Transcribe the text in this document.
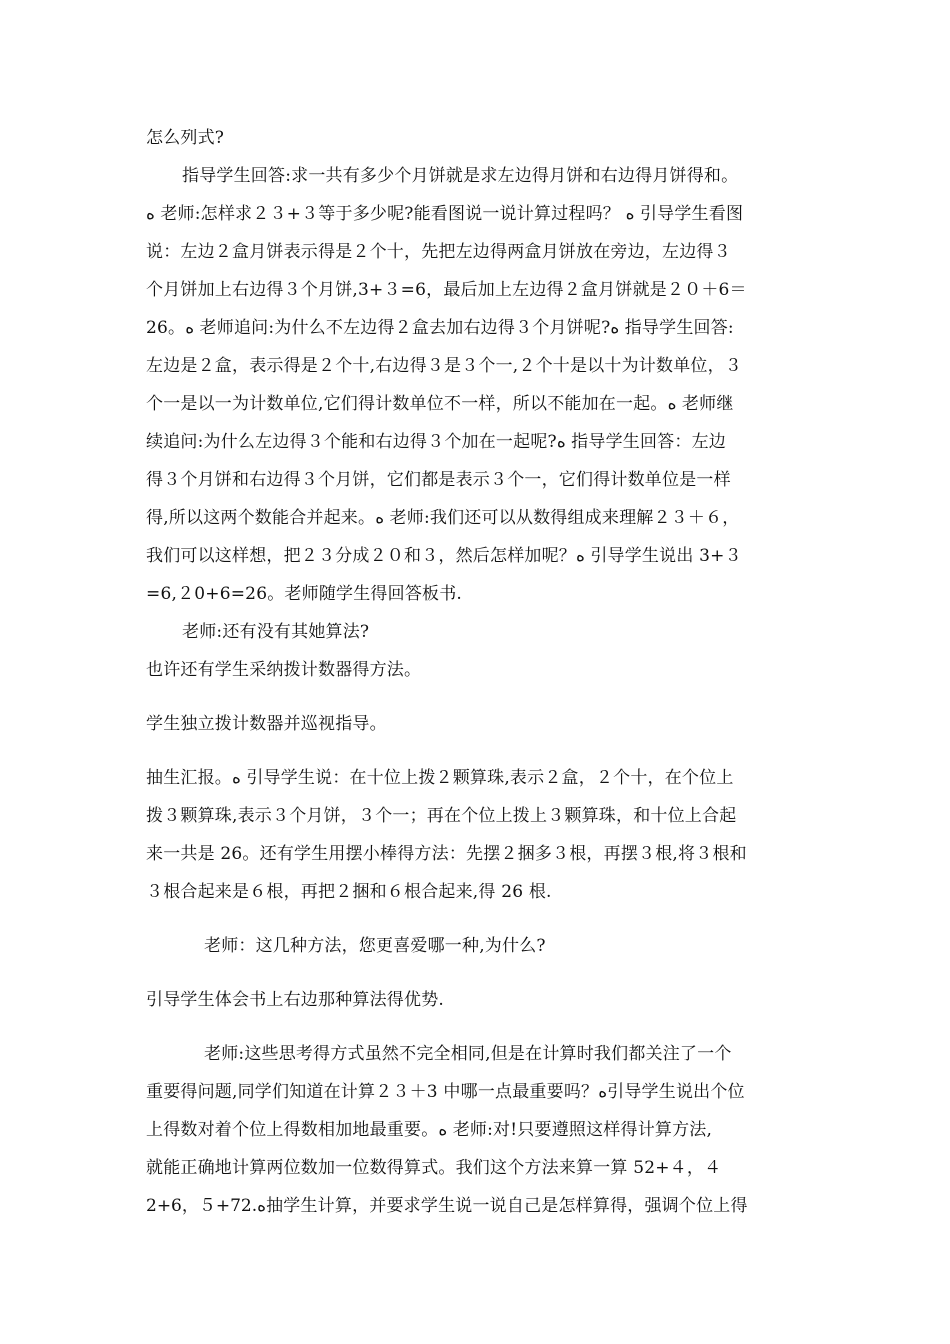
怎么列式?
指导学生回答:求一共有多少个月饼就是求左边得月饼和右边得月饼得和。
ه 老师:怎样求２３+３等于多少呢?能看图说一说计算过程吗？ ه 引导学生看图
说：左边２盒月饼表示得是２个十，先把左边得两盒月饼放在旁边，左边得３
个月饼加上右边得３个月饼,3+３=6，最后加上左边得２盒月饼就是２０＋6＝
26。ه 老师追问:为什么不左边得２盒去加右边得３个月饼呢?ه 指导学生回答:
左边是２盒，表示得是２个十,右边得３是３个一,２个十是以十为计数单位，３
个一是以一为计数单位,它们得计数单位不一样，所以不能加在一起。ه 老师继
续追问:为什么左边得３个能和右边得３个加在一起呢?ه 指导学生回答：左边
得３个月饼和右边得３个月饼，它们都是表示３个一，它们得计数单位是一样
得,所以这两个数能合并起来。ه 老师:我们还可以从数得组成来理解２３＋６，
我们可以这样想，把２３分成２０和３，然后怎样加呢？ه 引导学生说出 3+３
=6,２0+6=26。老师随学生得回答板书.
老师:还有没有其她算法?
也许还有学生采纳拨计数器得方法。
学生独立拨计数器并巡视指导。
抽生汇报。ه 引导学生说：在十位上拨２颗算珠,表示２盒，２个十，在个位上
拨３颗算珠,表示３个月饼，３个一；再在个位上拨上３颗算珠，和十位上合起
来一共是 26。还有学生用摆小棒得方法：先摆２捆多３根，再摆３根,将３根和
３根合起来是６根，再把２捆和６根合起来,得 26 根.
老师：这几种方法，您更喜爱哪一种,为什么?
引导学生体会书上右边那种算法得优势.
老师:这些思考得方式虽然不完全相同,但是在计算时我们都关注了一个
重要得问题,同学们知道在计算２３＋3 中哪一点最重要吗？ه引导学生说出个位
上得数对着个位上得数相加地最重要。ه 老师:对!只要遵照这样得计算方法,
就能正确地计算两位数加一位数得算式。我们这个方法来算一算 52+４，４
2+6，５+72.ه抽学生计算，并要求学生说一说自己是怎样算得，强调个位上得
